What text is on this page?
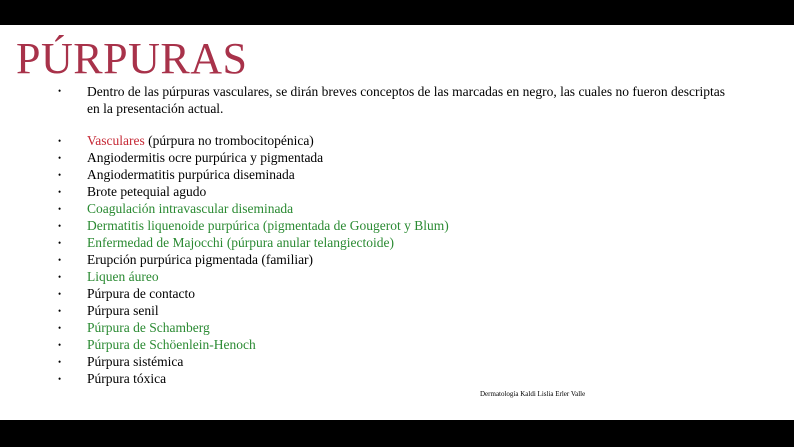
PÚRPURAS
•	Dentro de las púrpuras vasculares, se dirán breves conceptos de las marcadas en negro, las cuales no fueron descriptas en la presentación actual.
•	Vasculares (púrpura no trombocitopénica)
•	Angiodermitis ocre purpúrica y pigmentada
•	Angiodermatitis purpúrica diseminada
•	Brote petequial agudo
•	Coagulación intravascular diseminada
•	Dermatitis liquenoide purpúrica (pigmentada de Gougerot y Blum)
•	Enfermedad de Majocchi (púrpura anular telangiectoide)
•	Erupción purpúrica pigmentada (familiar)
•	Liquen áureo
•	Púrpura de contacto
•	Púrpura senil
•	Púrpura de Schamberg
•	Púrpura de Schöenlein-Henoch
•	Púrpura sistémica
•	Púrpura tóxica
Dermatología Kaldi Lislia Erler Valle
